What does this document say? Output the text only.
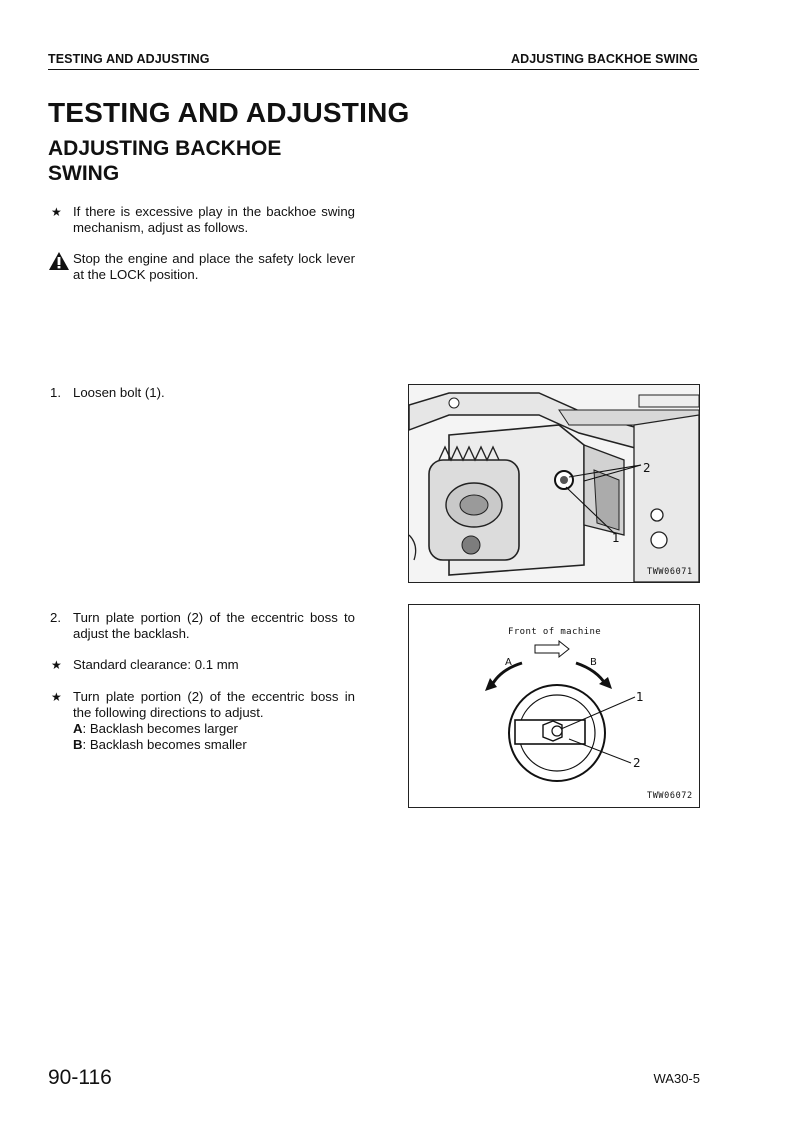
TESTING AND ADJUSTING	ADJUSTING BACKHOE SWING
TESTING AND ADJUSTING
ADJUSTING BACKHOE
SWING
★ If there is excessive play in the backhoe swing mechanism, adjust as follows.
Stop the engine and place the safety lock lever at the LOCK position.
1. Loosen bolt (1).
2. Turn plate portion (2) of the eccentric boss to adjust the backlash.
★ Standard clearance: 0.1 mm
★ Turn plate portion (2) of the eccentric boss in the following directions to adjust.
A: Backlash becomes larger
B: Backlash becomes smaller
2
1
TWW06071
Front of machine
A	B
1
2
TWW06072
90-116	WA30-5
